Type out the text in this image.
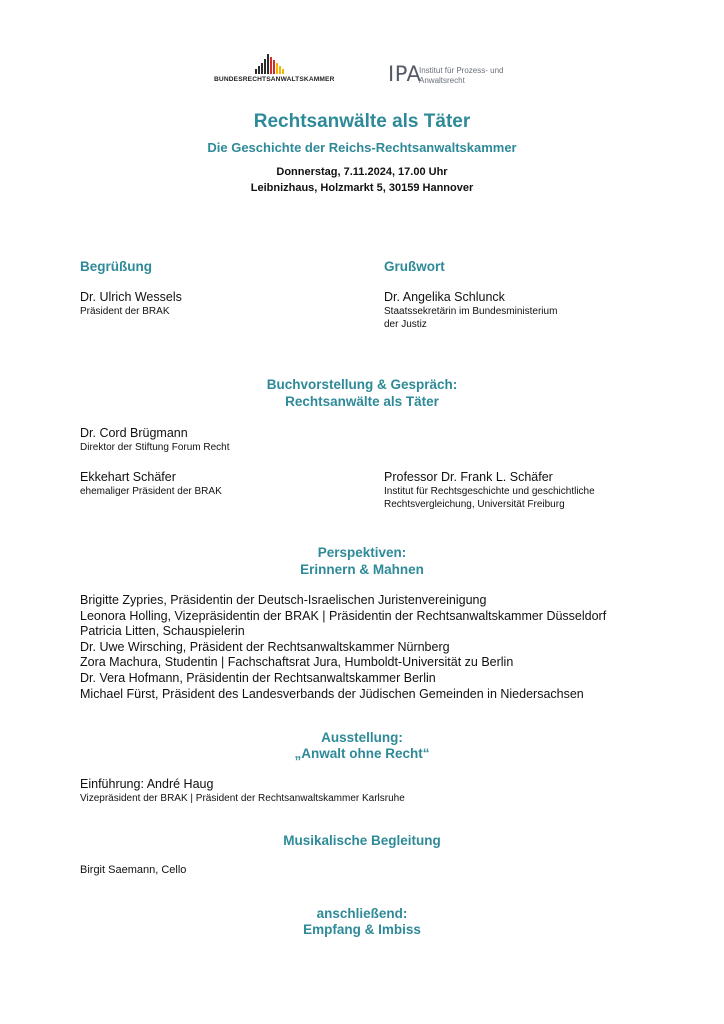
BUNDESRECHTSANWALTSKAMMER	IPA
Institut für Prozess- und
Anwaltsrecht
Rechtsanwälte als Täter
Die Geschichte der Reichs-Rechtsanwaltskammer
Donnerstag, 7.11.2024, 17.00 Uhr
Leibnizhaus, Holzmarkt 5, 30159 Hannover
Begrüßung
Dr. Ulrich Wessels
Präsident der BRAK
Grußwort
Dr. Angelika Schlunck
Staatssekretärin im Bundesministerium
der Justiz
Buchvorstellung & Gespräch:
Rechtsanwälte als Täter
Dr. Cord Brügmann
Direktor der Stiftung Forum Recht
Ekkehart Schäfer
ehemaliger Präsident der BRAK
Professor Dr. Frank L. Schäfer
Institut für Rechtsgeschichte und geschichtliche
Rechtsvergleichung, Universität Freiburg
Perspektiven:
Erinnern & Mahnen
Brigitte Zypries, Präsidentin der Deutsch-Israelischen Juristenvereinigung
Leonora Holling, Vizepräsidentin der BRAK | Präsidentin der Rechtsanwaltskammer Düsseldorf
Patricia Litten, Schauspielerin
Dr. Uwe Wirsching, Präsident der Rechtsanwaltskammer Nürnberg
Zora Machura, Studentin | Fachschaftsrat Jura, Humboldt-Universität zu Berlin
Dr. Vera Hofmann, Präsidentin der Rechtsanwaltskammer Berlin
Michael Fürst, Präsident des Landesverbands der Jüdischen Gemeinden in Niedersachsen
Ausstellung:
„Anwalt ohne Recht“
Einführung: André Haug
Vizepräsident der BRAK | Präsident der Rechtsanwaltskammer Karlsruhe
Musikalische Begleitung
Birgit Saemann, Cello
anschließend:
Empfang & Imbiss
